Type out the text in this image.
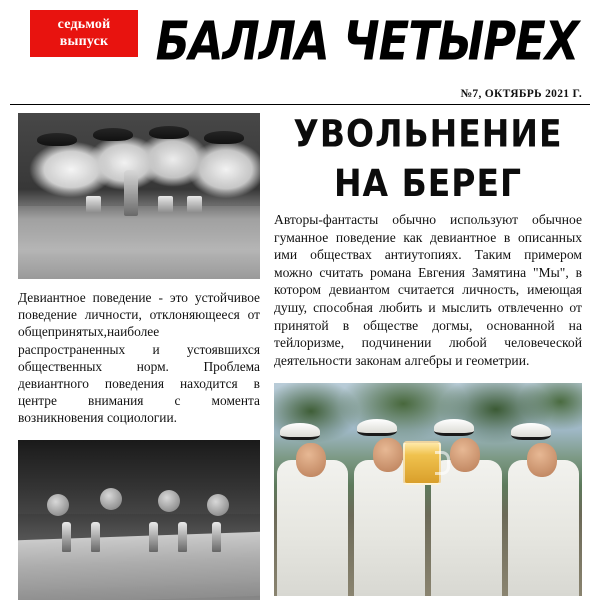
седьмой
выпуск	БАЛЛА ЧЕТЫРЕХ
№7, ОКТЯБРЬ 2021 Г.

Девиантное поведение - это устойчивое поведение личности, отклоняющееся от общепринятых,наиболее распространенных и устоявшихся общественных норм. Проблема девиантного поведения находится в центре внимания с момента возникновения социологии.

УВОЛЬНЕНИЕ
НА БЕРЕГ

Авторы-фантасты обычно используют обычное гуманное поведение как девиантное в описанных ими обществах антиутопиях. Таким примером можно считать романа Евгения Замятина "Мы", в котором девиантом считается личность, имеющая душу, способная любить и мыслить отвлеченно от принятой в обществе догмы, основанной на тейлоризме, подчинении любой человеческой деятельности законам алгебры и геометрии.
